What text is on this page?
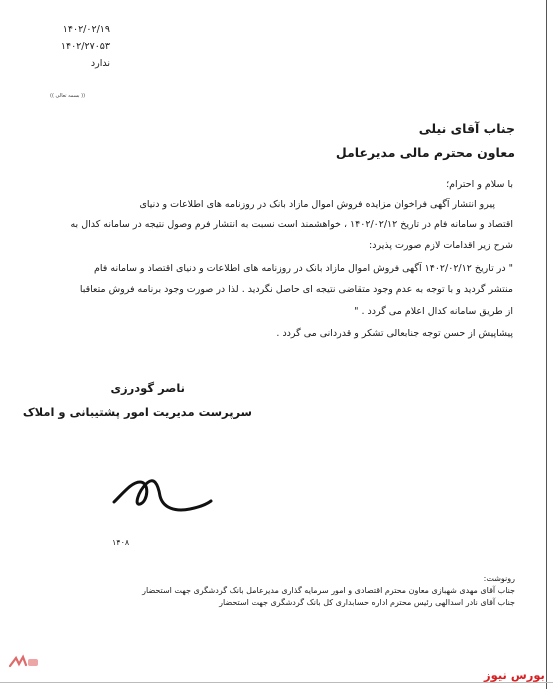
۱۴۰۲/۰۲/۱۹
۱۴۰۲/۲۷۰۵۳
ندارد
(( بسمه تعالی ))
جناب آقای نیلی
معاون محترم مالی مدیرعامل
با سلام و احترام؛
پیرو انتشار آگهی فراخوان مزایده فروش اموال مازاد بانک در روزنامه های اطلاعات و دنیای
اقتصاد و سامانه فام در تاریخ ۱۴۰۲/۰۲/۱۲ ، خواهشمند است نسبت به انتشار فرم وصول نتیجه در سامانه کدال به
شرح زیر اقدامات لازم صورت پذیرد:
" در تاریخ ۱۴۰۲/۰۲/۱۲ آگهی فروش اموال مازاد بانک در روزنامه های اطلاعات و دنیای اقتصاد و سامانه فام
منتشر گردید و با توجه به عدم وجود متقاضی نتیجه ای حاصل نگردید . لذا در صورت وجود برنامه فروش متعاقبا
از طریق سامانه کدال اعلام می گردد . "
پیشاپیش از حسن توجه جنابعالی تشکر و قدردانی می گردد .
ناصر گودرزی
سرپرست مدیریت امور پشتیبانی و املاک
۱۴۰۸
رونوشت:
جناب آقای مهدی شهبازی معاون محترم اقتصادی و امور سرمایه گذاری مدیرعامل بانک گردشگری جهت استحضار
جناب آقای نادر اسدالهی رئیس محترم اداره حسابداری کل بانک گردشگری جهت استحضار
بورس نیوز
